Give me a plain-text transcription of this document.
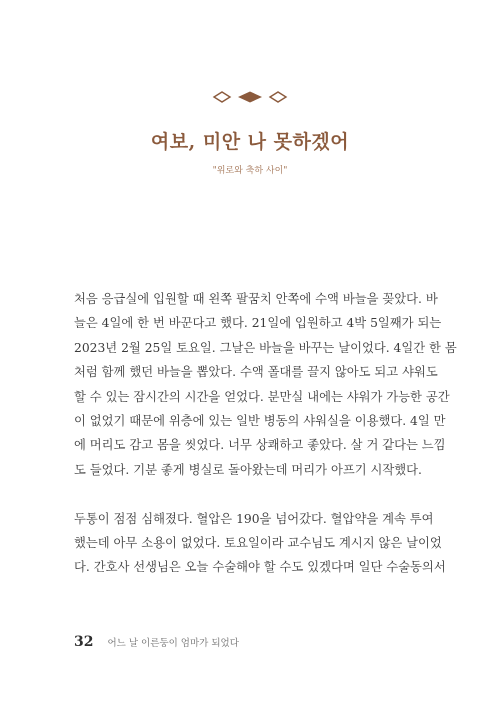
여보, 미안 나 못하겠어
"위로와 축하 사이"
처음 응급실에 입원할 때 왼쪽 팔꿈치 안쪽에 수액 바늘을 꽂았다. 바
늘은 4일에 한 번 바꾼다고 했다. 21일에 입원하고 4박 5일째가 되는
2023년 2월 25일 토요일. 그날은 바늘을 바꾸는 날이었다. 4일간 한 몸
처럼 함께 했던 바늘을 뽑았다. 수액 폴대를 끌지 않아도 되고 샤워도
할 수 있는 잠시간의 시간을 얻었다. 분만실 내에는 샤워가 가능한 공간
이 없었기 때문에 위층에 있는 일반 병동의 샤워실을 이용했다. 4일 만
에 머리도 감고 몸을 씻었다. 너무 상쾌하고 좋았다. 살 거 같다는 느낌
도 들었다. 기분 좋게 병실로 돌아왔는데 머리가 아프기 시작했다.
두통이 점점 심해졌다. 혈압은 190을 넘어갔다. 혈압약을 계속 투여
했는데 아무 소용이 없었다. 토요일이라 교수님도 계시지 않은 날이었
다. 간호사 선생님은 오늘 수술해야 할 수도 있겠다며 일단 수술동의서
32 어느 날 이른둥이 엄마가 되었다
